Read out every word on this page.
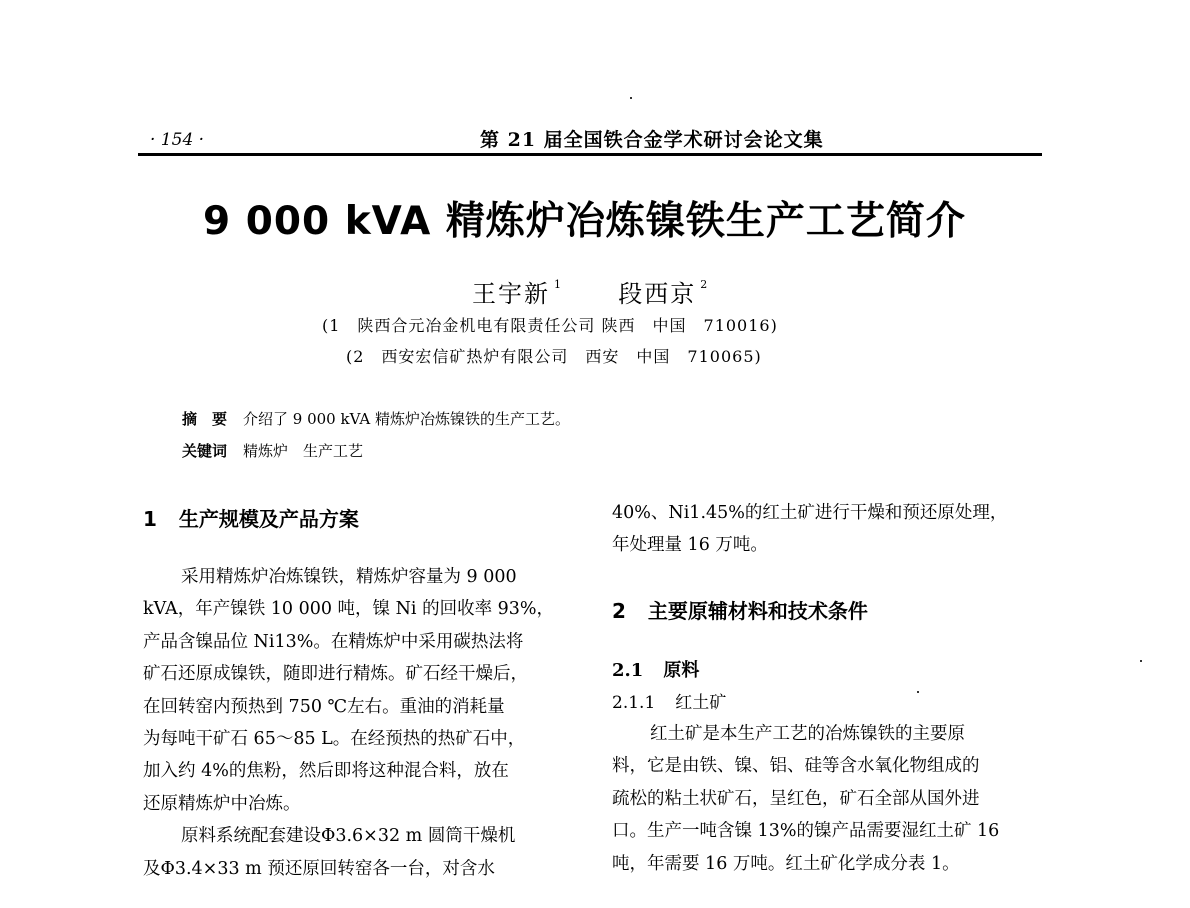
· 154 ·	第 21 届全国铁合金学术研讨会论文集
9 000 kVA 精炼炉冶炼镍铁生产工艺简介
王宇新 $^1$ 段西京 $^2$
(1　陕西合元冶金机电有限责任公司 陕西　中国　710016)
(2　西安宏信矿热炉有限公司　西安　中国　710065)
摘　要 介绍了 9 000 kVA 精炼炉冶炼镍铁的生产工艺。
关键词 精炼炉　生产工艺
1 生产规模及产品方案
采用精炼炉冶炼镍铁，精炼炉容量为 9 000
kVA，年产镍铁 10 000 吨，镍 Ni 的回收率 93%，
产品含镍品位 Ni13%。在精炼炉中采用碳热法将
矿石还原成镍铁，随即进行精炼。矿石经干燥后，
在回转窑内预热到 750 ℃左右。重油的消耗量
为每吨干矿石 65～85 L。在经预热的热矿石中，
加入约 4%的焦粉，然后即将这种混合料，放在
还原精炼炉中冶炼。
原料系统配套建设Φ3.6×32 m 圆筒干燥机
及Φ3.4×33 m 预还原回转窑各一台，对含水
40%、Ni1.45%的红土矿进行干燥和预还原处理，
年处理量 16 万吨。
2 主要原辅材料和技术条件
2.1 原料
2.1.1 红土矿
红土矿是本生产工艺的冶炼镍铁的主要原
料，它是由铁、镍、铝、硅等含水氧化物组成的
疏松的粘土状矿石，呈红色，矿石全部从国外进
口。生产一吨含镍 13%的镍产品需要湿红土矿 16
吨，年需要 16 万吨。红土矿化学成分表 1。
